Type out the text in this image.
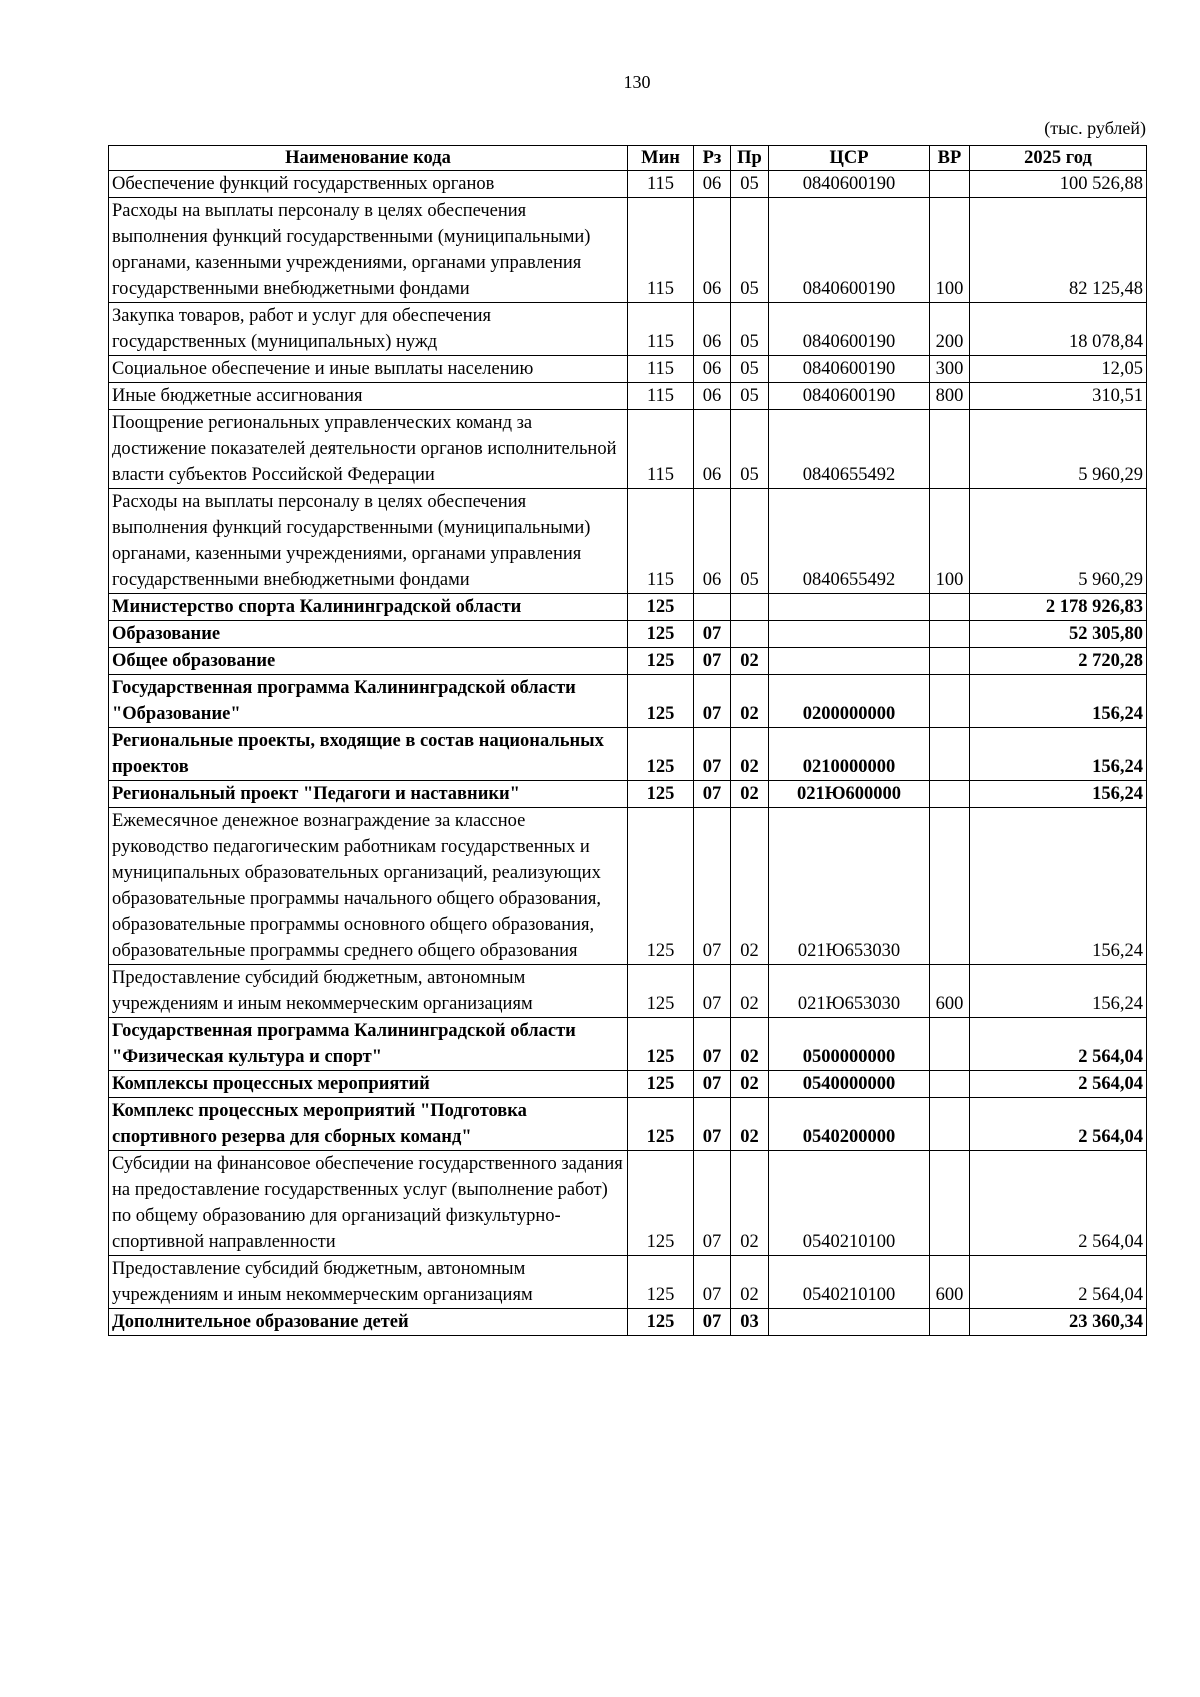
130
(тыс. рублей)
Наименование кода	Мин	Рз	Пр	ЦСР	ВР	2025 год
Обеспечение функций государственных органов	115	06	05	0840600190		100 526,88
Расходы на выплаты персоналу в целях обеспечения выполнения функций государственными (муниципальными) органами, казенными учреждениями, органами управления государственными внебюджетными фондами	115	06	05	0840600190	100	82 125,48
Закупка товаров, работ и услуг для обеспечения государственных (муниципальных) нужд	115	06	05	0840600190	200	18 078,84
Социальное обеспечение и иные выплаты населению	115	06	05	0840600190	300	12,05
Иные бюджетные ассигнования	115	06	05	0840600190	800	310,51
Поощрение региональных управленческих команд за достижение показателей деятельности органов исполнительной власти субъектов Российской Федерации	115	06	05	0840655492		5 960,29
Расходы на выплаты персоналу в целях обеспечения выполнения функций государственными (муниципальными) органами, казенными учреждениями, органами управления государственными внебюджетными фондами	115	06	05	0840655492	100	5 960,29
Министерство спорта Калининградской области	125					2 178 926,83
Образование	125	07				52 305,80
Общее образование	125	07	02			2 720,28
Государственная программа Калининградской области "Образование"	125	07	02	0200000000		156,24
Региональные проекты, входящие в состав национальных проектов	125	07	02	0210000000		156,24
Региональный проект "Педагоги и наставники"	125	07	02	021Ю600000		156,24
Ежемесячное денежное вознаграждение за классное руководство педагогическим работникам государственных и муниципальных образовательных организаций, реализующих образовательные программы начального общего образования, образовательные программы основного общего образования, образовательные программы среднего общего образования	125	07	02	021Ю653030		156,24
Предоставление субсидий бюджетным, автономным учреждениям и иным некоммерческим организациям	125	07	02	021Ю653030	600	156,24
Государственная программа Калининградской области "Физическая культура и спорт"	125	07	02	0500000000		2 564,04
Комплексы процессных мероприятий	125	07	02	0540000000		2 564,04
Комплекс процессных мероприятий "Подготовка спортивного резерва для сборных команд"	125	07	02	0540200000		2 564,04
Субсидии на финансовое обеспечение государственного задания на предоставление государственных услуг (выполнение работ) по общему образованию для организаций физкультурно-спортивной направленности	125	07	02	0540210100		2 564,04
Предоставление субсидий бюджетным, автономным учреждениям и иным некоммерческим организациям	125	07	02	0540210100	600	2 564,04
Дополнительное образование детей	125	07	03			23 360,34
